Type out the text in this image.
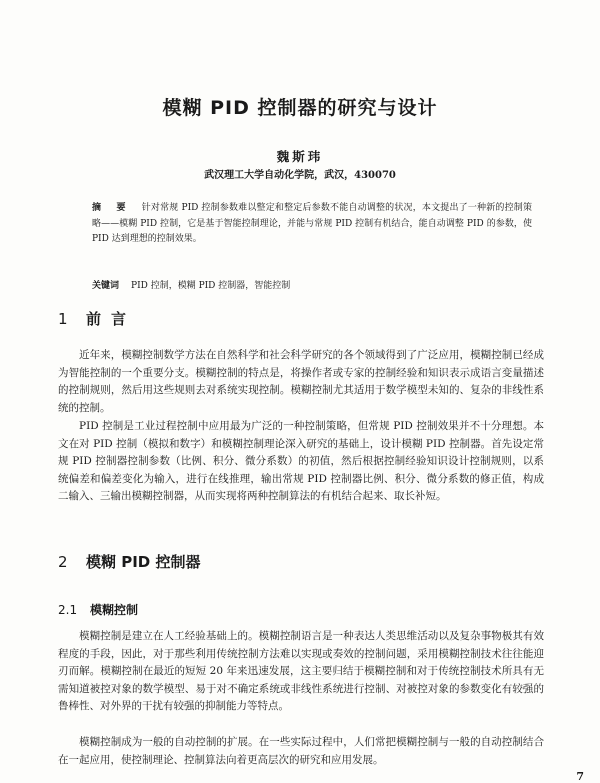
模糊 PID 控制器的研究与设计
魏斯玮
武汉理工大学自动化学院，武汉，430070
摘 要 针对常规 PID 控制参数难以整定和整定后参数不能自动调整的状况，本文提出了一种新的控制策略——模糊 PID 控制，它是基于智能控制理论，并能与常规 PID 控制有机结合，能自动调整 PID 的参数，使 PID 达到理想的控制效果。
关键词 PID 控制，模糊 PID 控制器，智能控制
1 前言

近年来，模糊控制数学方法在自然科学和社会科学研究的各个领域得到了广泛应用，模糊控制已经成为智能控制的一个重要分支。模糊控制的特点是，将操作者或专家的控制经验和知识表示成语言变量描述的控制规则，然后用这些规则去对系统实现控制。模糊控制尤其适用于数学模型未知的、复杂的非线性系统的控制。

PID 控制是工业过程控制中应用最为广泛的一种控制策略，但常规 PID 控制效果并不十分理想。本文在对 PID 控制（模拟和数字）和模糊控制理论深入研究的基础上，设计模糊 PID 控制器。首先设定常规 PID 控制器控制参数（比例、积分、微分系数）的初值，然后根据控制经验知识设计控制规则，以系统偏差和偏差变化为输入，进行在线推理，输出常规 PID 控制器比例、积分、微分系数的修正值，构成二输入、三输出模糊控制器，从而实现将两种控制算法的有机结合起来、取长补短。

2 模糊 PID 控制器
2.1 模糊控制

模糊控制是建立在人工经验基础上的。模糊控制语言是一种表达人类思维活动以及复杂事物极其有效程度的手段，因此，对于那些利用传统控制方法难以实现或奏效的控制问题，采用模糊控制技术往往能迎刃而解。模糊控制在最近的短短 20 年来迅速发展，这主要归结于模糊控制和对于传统控制技术所具有无需知道被控对象的数学模型、易于对不确定系统或非线性系统进行控制、对被控对象的参数变化有较强的鲁棒性、对外界的干扰有较强的抑制能力等特点。

模糊控制成为一般的自动控制的扩展。在一些实际过程中，人们常把模糊控制与一般的自动控制结合在一起应用，使控制理论、控制算法向着更高层次的研究和应用发展。

7
